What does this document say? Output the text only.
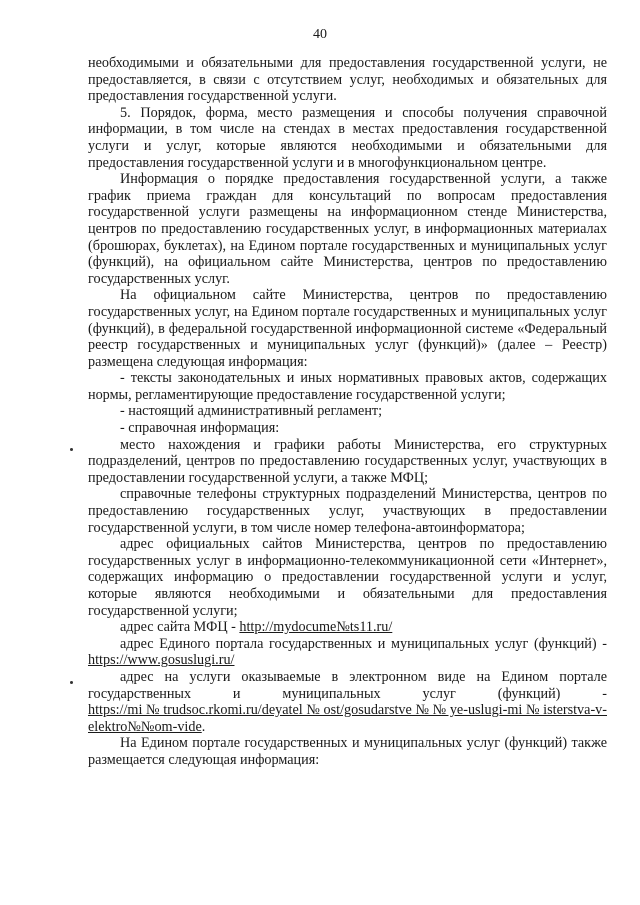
40

необходимыми и обязательными для предоставления государственной услуги, не предоставляется, в связи с отсутствием услуг, необходимых и обязательных для предоставления государственной услуги.

5. Порядок, форма, место размещения и способы получения справочной информации, в том числе на стендах в местах предоставления государственной услуги и услуг, которые являются необходимыми и обязательными для предоставления государственной услуги и в многофункциональном центре.

Информация о порядке предоставления государственной услуги, а также график приема граждан для консультаций по вопросам предоставления государственной услуги размещены на информационном стенде Министерства, центров по предоставлению государственных услуг, в информационных материалах (брошюрах, буклетах), на Едином портале государственных и муниципальных услуг (функций), на официальном сайте Министерства, центров по предоставлению государственных услуг.

На официальном сайте Министерства, центров по предоставлению государственных услуг, на Едином портале государственных и муниципальных услуг (функций), в федеральной государственной информационной системе «Федеральный реестр государственных и муниципальных услуг (функций)» (далее – Реестр) размещена следующая информация:

- тексты законодательных и иных нормативных правовых актов, содержащих нормы, регламентирующие предоставление государственной услуги;

- настоящий административный регламент;

- справочная информация:

место нахождения и графики работы Министерства, его структурных подразделений, центров по предоставлению государственных услуг, участвующих в предоставлении государственной услуги, а также МФЦ;

справочные телефоны структурных подразделений Министерства, центров по предоставлению государственных услуг, участвующих в предоставлении государственной услуги, в том числе номер телефона-автоинформатора;

адрес официальных сайтов Министерства, центров по предоставлению государственных услуг в информационно-телекоммуникационной сети «Интернет», содержащих информацию о предоставлении государственной услуги и услуг, которые являются необходимыми и обязательными для предоставления государственной услуги;

адрес сайта МФЦ - http://mydocume№ts11.ru/

адрес Единого портала государственных и муниципальных услуг (функций) - https://www.gosuslugi.ru/

адрес на услуги оказываемые в электронном виде на Едином портале государственных и муниципальных услуг (функций) - https://mi№trudsoc.rkomi.ru/deyatel№ost/gosudarstve№№ye-uslugi-mi№isterstva-v-elektro№№om-vide.

На Едином портале государственных и муниципальных услуг (функций) также размещается следующая информация:
